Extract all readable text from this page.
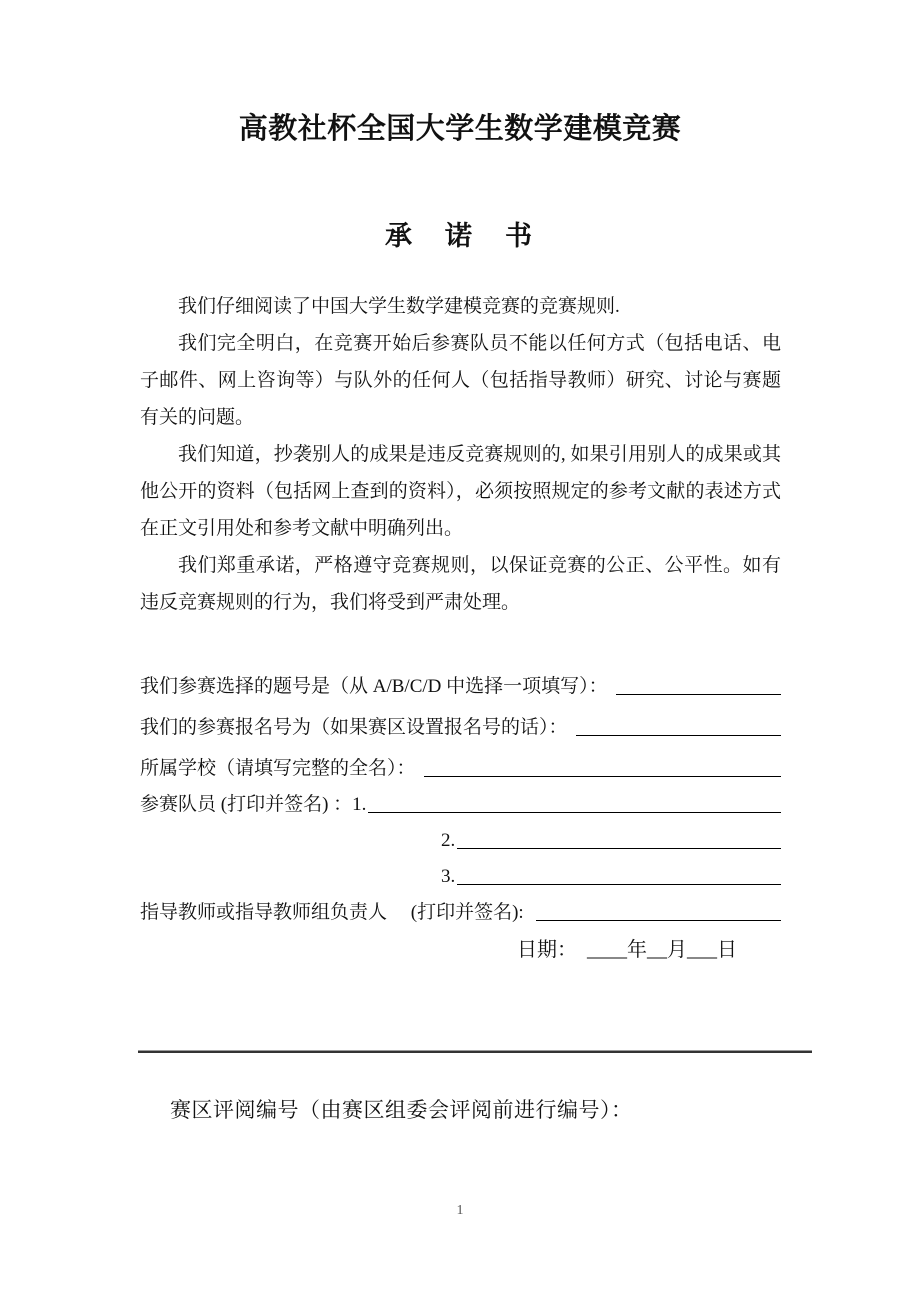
高教社杯全国大学生数学建模竞赛
承　诺　书

我们仔细阅读了中国大学生数学建模竞赛的竞赛规则.

我们完全明白，在竞赛开始后参赛队员不能以任何方式（包括电话、电子邮件、网上咨询等）与队外的任何人（包括指导教师）研究、讨论与赛题有关的问题。

我们知道，抄袭别人的成果是违反竞赛规则的, 如果引用别人的成果或其他公开的资料（包括网上查到的资料），必须按照规定的参考文献的表述方式在正文引用处和参考文献中明确列出。

我们郑重承诺，严格遵守竞赛规则，以保证竞赛的公正、公平性。如有违反竞赛规则的行为，我们将受到严肃处理。

我们参赛选择的题号是（从 A/B/C/D 中选择一项填写）：
我们的参赛报名号为（如果赛区设置报名号的话）：
所属学校（请填写完整的全名）：
参赛队员 (打印并签名) ： 1.
2.
3.
指导教师或指导教师组负责人　 (打印并签名):
日期：  ____年__月___日
赛区评阅编号（由赛区组委会评阅前进行编号）：
1
